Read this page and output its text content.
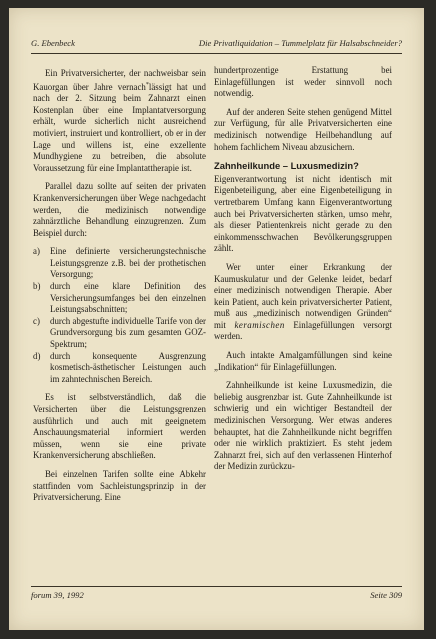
G. Ebenbeck	Die Privatliquidation – Tummelplatz für Halsabschneider?

Ein Privatversicherter, der nachweisbar sein Kauorgan über Jahre vernach*lässigt hat und nach der 2. Sitzung beim Zahnarzt einen Kostenplan über eine Implantatversorgung erhält, wurde sicherlich nicht ausreichend motiviert, instruiert und kontrolliert, ob er in der Lage und willens ist, eine exzellente Mundhygiene zu betreiben, die absolute Voraussetzung für eine Implantattherapie ist.

Parallel dazu sollte auf seiten der privaten Krankenversicherungen über Wege nachgedacht werden, die medizinisch notwendige zahnärztliche Behandlung einzugrenzen. Zum Beispiel durch:

a) Eine definierte versicherungstechnische Leistungsgrenze z.B. bei der prothetischen Versorgung;
b) durch eine klare Definition des Versicherungsumfanges bei den einzelnen Leistungsabschnitten;
c) durch abgestufte individuelle Tarife von der Grundversorgung bis zum gesamten GOZ-Spektrum;
d) durch konsequente Ausgrenzung kosmetisch-ästhetischer Leistungen auch im zahntechnischen Bereich.

Es ist selbstverständlich, daß die Versicherten über die Leistungsgrenzen ausführlich und auch mit geeignetem Anschauungsmaterial informiert werden müssen, wenn sie eine private Krankenversicherung abschließen.

Bei einzelnen Tarifen sollte eine Abkehr stattfinden vom Sachleistungsprinzip in der Privatversicherung. Eine

hundertprozentige Erstattung bei Einlagefüllungen ist weder sinnvoll noch notwendig.

Auf der anderen Seite stehen genügend Mittel zur Verfügung, für alle Privatversicherten eine medizinisch notwendige Heilbehandlung auf hohem fachlichem Niveau abzusichern.

Zahnheilkunde – Luxusmedizin?

Eigenverantwortung ist nicht identisch mit Eigenbeteiligung, aber eine Eigenbeteiligung in vertretbarem Umfang kann Eigenverantwortung auch bei Privatversicherten stärken, umso mehr, als dieser Patientenkreis nicht gerade zu den einkommensschwachen Bevölkerungsgruppen zählt.

Wer unter einer Erkrankung der Kaumuskulatur und der Gelenke leidet, bedarf einer medizinisch notwendigen Therapie. Aber kein Patient, auch kein privatversicherter Patient, muß aus „medizinisch notwendigen Gründen“ mit keramischen Einlagefüllungen versorgt werden.

Auch intakte Amalgamfüllungen sind keine „Indikation“ für Einlagefüllungen.

Zahnheilkunde ist keine Luxusmedizin, die beliebig ausgrenzbar ist. Gute Zahnheilkunde ist schwierig und ein wichtiger Bestandteil der medizinischen Versorgung. Wer etwas anderes behauptet, hat die Zahnheilkunde nicht begriffen oder nie wirklich praktiziert. Es steht jedem Zahnarzt frei, sich auf den verlassenen Hinterhof der Medizin zurückzu-

forum 39, 1992	Seite 309
